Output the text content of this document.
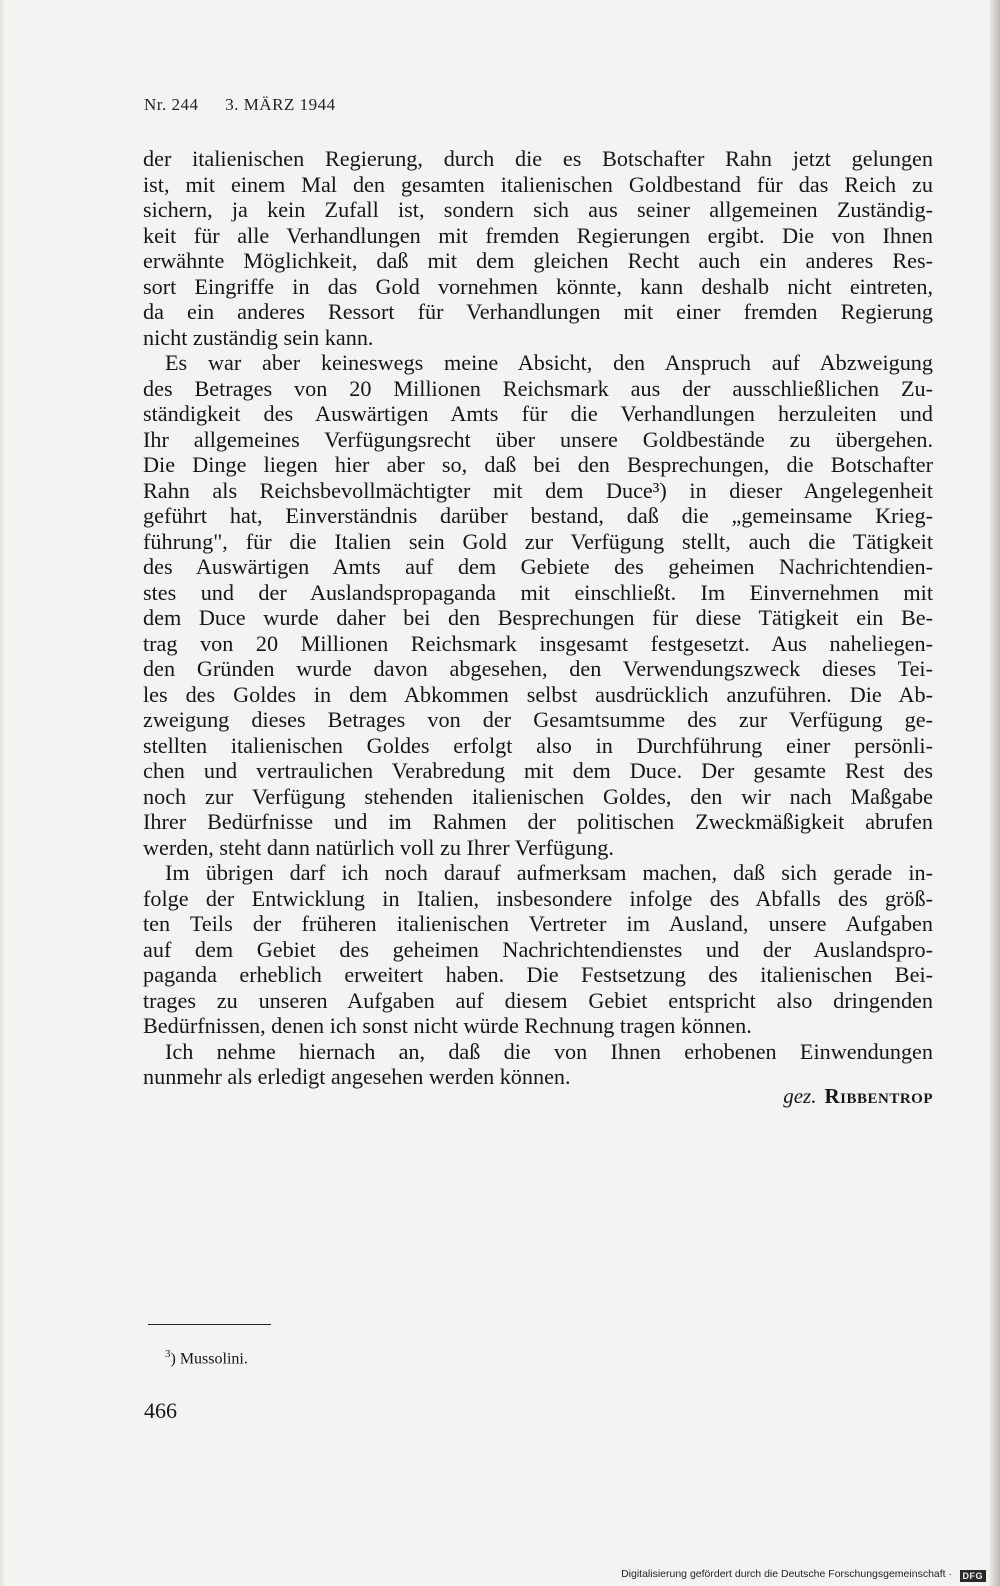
Nr. 244 3. MÄRZ 1944
der italienischen Regierung, durch die es Botschafter Rahn jetzt gelungen
ist, mit einem Mal den gesamten italienischen Goldbestand für das Reich zu
sichern, ja kein Zufall ist, sondern sich aus seiner allgemeinen Zuständig-
keit für alle Verhandlungen mit fremden Regierungen ergibt. Die von Ihnen
erwähnte Möglichkeit, daß mit dem gleichen Recht auch ein anderes Res-
sort Eingriffe in das Gold vornehmen könnte, kann deshalb nicht eintreten,
da ein anderes Ressort für Verhandlungen mit einer fremden Regierung
nicht zuständig sein kann.
Es war aber keineswegs meine Absicht, den Anspruch auf Abzweigung
des Betrages von 20 Millionen Reichsmark aus der ausschließlichen Zu-
ständigkeit des Auswärtigen Amts für die Verhandlungen herzuleiten und
Ihr allgemeines Verfügungsrecht über unsere Goldbestände zu übergehen.
Die Dinge liegen hier aber so, daß bei den Besprechungen, die Botschafter
Rahn als Reichsbevollmächtigter mit dem Duce³) in dieser Angelegenheit
geführt hat, Einverständnis darüber bestand, daß die „gemeinsame Krieg-
führung", für die Italien sein Gold zur Verfügung stellt, auch die Tätigkeit
des Auswärtigen Amts auf dem Gebiete des geheimen Nachrichtendien-
stes und der Auslandspropaganda mit einschließt. Im Einvernehmen mit
dem Duce wurde daher bei den Besprechungen für diese Tätigkeit ein Be-
trag von 20 Millionen Reichsmark insgesamt festgesetzt. Aus naheliegen-
den Gründen wurde davon abgesehen, den Verwendungszweck dieses Tei-
les des Goldes in dem Abkommen selbst ausdrücklich anzuführen. Die Ab-
zweigung dieses Betrages von der Gesamtsumme des zur Verfügung ge-
stellten italienischen Goldes erfolgt also in Durchführung einer persönli-
chen und vertraulichen Verabredung mit dem Duce. Der gesamte Rest des
noch zur Verfügung stehenden italienischen Goldes, den wir nach Maßgabe
Ihrer Bedürfnisse und im Rahmen der politischen Zweckmäßigkeit abrufen
werden, steht dann natürlich voll zu Ihrer Verfügung.
Im übrigen darf ich noch darauf aufmerksam machen, daß sich gerade in-
folge der Entwicklung in Italien, insbesondere infolge des Abfalls des größ-
ten Teils der früheren italienischen Vertreter im Ausland, unsere Aufgaben
auf dem Gebiet des geheimen Nachrichtendienstes und der Auslandspro-
paganda erheblich erweitert haben. Die Festsetzung des italienischen Bei-
trages zu unseren Aufgaben auf diesem Gebiet entspricht also dringenden
Bedürfnissen, denen ich sonst nicht würde Rechnung tragen können.
Ich nehme hiernach an, daß die von Ihnen erhobenen Einwendungen
nunmehr als erledigt angesehen werden können.
gez. Ribbentrop
$^3$) Mussolini.
466
Digitalisierung gefördert durch die Deutsche Forschungsgemeinschaft ·	DFG
